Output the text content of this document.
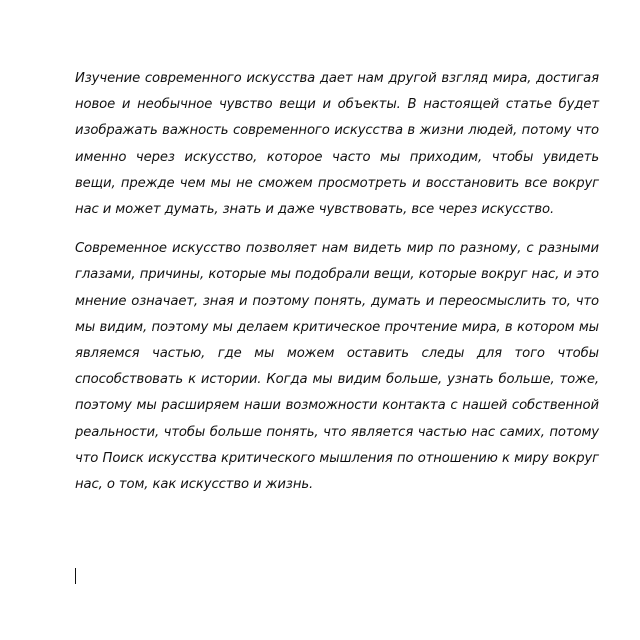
Изучение современного искусства дает нам другой взгляд мира, достигая новое и необычное чувство вещи и объекты. В настоящей статье будет изображать важность современного искусства в жизни людей, потому что именно через искусство, которое часто мы приходим, чтобы увидеть вещи, прежде чем мы не сможем просмотреть и восстановить все вокруг нас и может думать, знать и даже чувствовать, все через искусство.

Современное искусство позволяет нам видеть мир по разному, с разными глазами, причины, которые мы подобрали вещи, которые вокруг нас, и это мнение означает, зная и поэтому понять, думать и переосмыслить то, что мы видим, поэтому мы делаем критическое прочтение мира, в котором мы являемся частью, где мы можем оставить следы для того чтобы способствовать к истории. Когда мы видим больше, узнать больше, тоже, поэтому мы расширяем наши возможности контакта с нашей собственной реальности, чтобы больше понять, что является частью нас самих, потому что Поиск искусства критического мышления по отношению к миру вокруг нас, о том, как искусство и жизнь.
